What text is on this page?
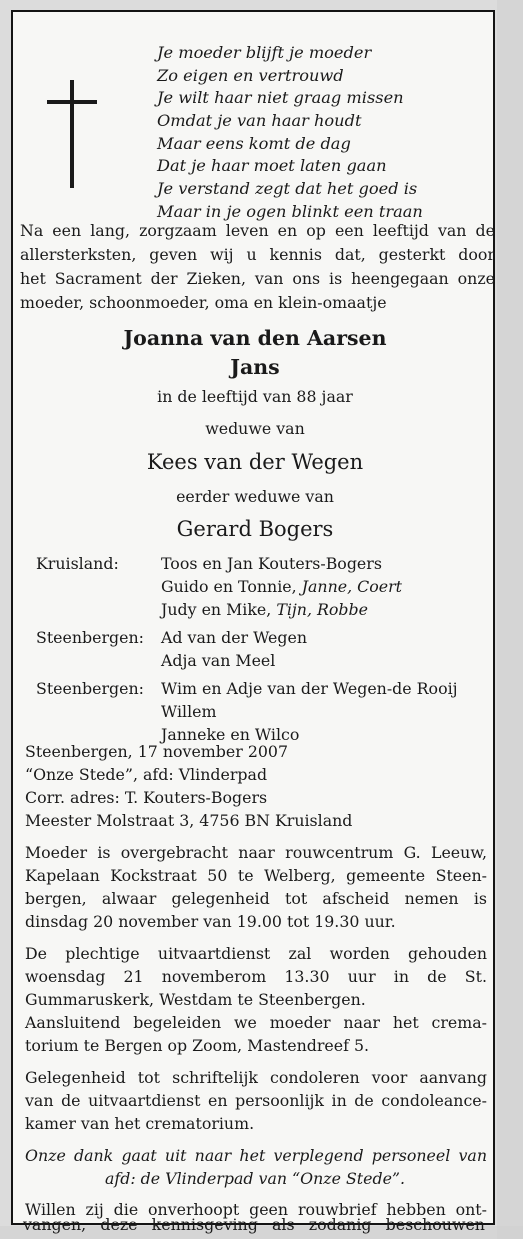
Je moeder blijft je moeder
Zo eigen en vertrouwd
Je wilt haar niet graag missen
Omdat je van haar houdt
Maar eens komt de dag
Dat je haar moet laten gaan
Je verstand zegt dat het goed is
Maar in je ogen blinkt een traan
Na een lang, zorgzaam leven en op een leeftijd van de
allersterksten, geven wij u kennis dat, gesterkt door
het Sacrament der Zieken, van ons is heengegaan onze
moeder, schoonmoeder, oma en klein-omaatje
Joanna van den Aarsen
Jans
in de leeftijd van 88 jaar
weduwe van
Kees van der Wegen
eerder weduwe van
Gerard Bogers
Kruisland:	Toos en Jan Kouters-Bogers
Guido en Tonnie, Janne, Coert
Judy en Mike, Tijn, Robbe
Steenbergen: Ad van der Wegen
Adja van Meel
Steenbergen: Wim en Adje van der Wegen-de Rooij
Willem
Janneke en Wilco
Steenbergen, 17 november 2007
“Onze Stede”, afd: Vlinderpad
Corr. adres: T. Kouters-Bogers
Meester Molstraat 3, 4756 BN Kruisland
Moeder is overgebracht naar rouwcentrum G. Leeuw,
Kapelaan Kockstraat 50 te Welberg, gemeente Steen-
bergen, alwaar gelegenheid tot afscheid nemen is
dinsdag 20 november van 19.00 tot 19.30 uur.
De plechtige uitvaartdienst zal worden gehouden
woensdag 21 novemberom 13.30 uur in de St.
Gummaruskerk, Westdam te Steenbergen.
Aansluitend begeleiden we moeder naar het crema-
torium te Bergen op Zoom, Mastendreef 5.
Gelegenheid tot schriftelijk condoleren voor aanvang
van de uitvaartdienst en persoonlijk in de condoleance-
kamer van het crematorium.
Onze dank gaat uit naar het verplegend personeel van
afd: de Vlinderpad van “Onze Stede”.
Willen zij die onverhoopt geen rouwbrief hebben ont-
vangen, deze kennisgeving als zodanig beschouwen
